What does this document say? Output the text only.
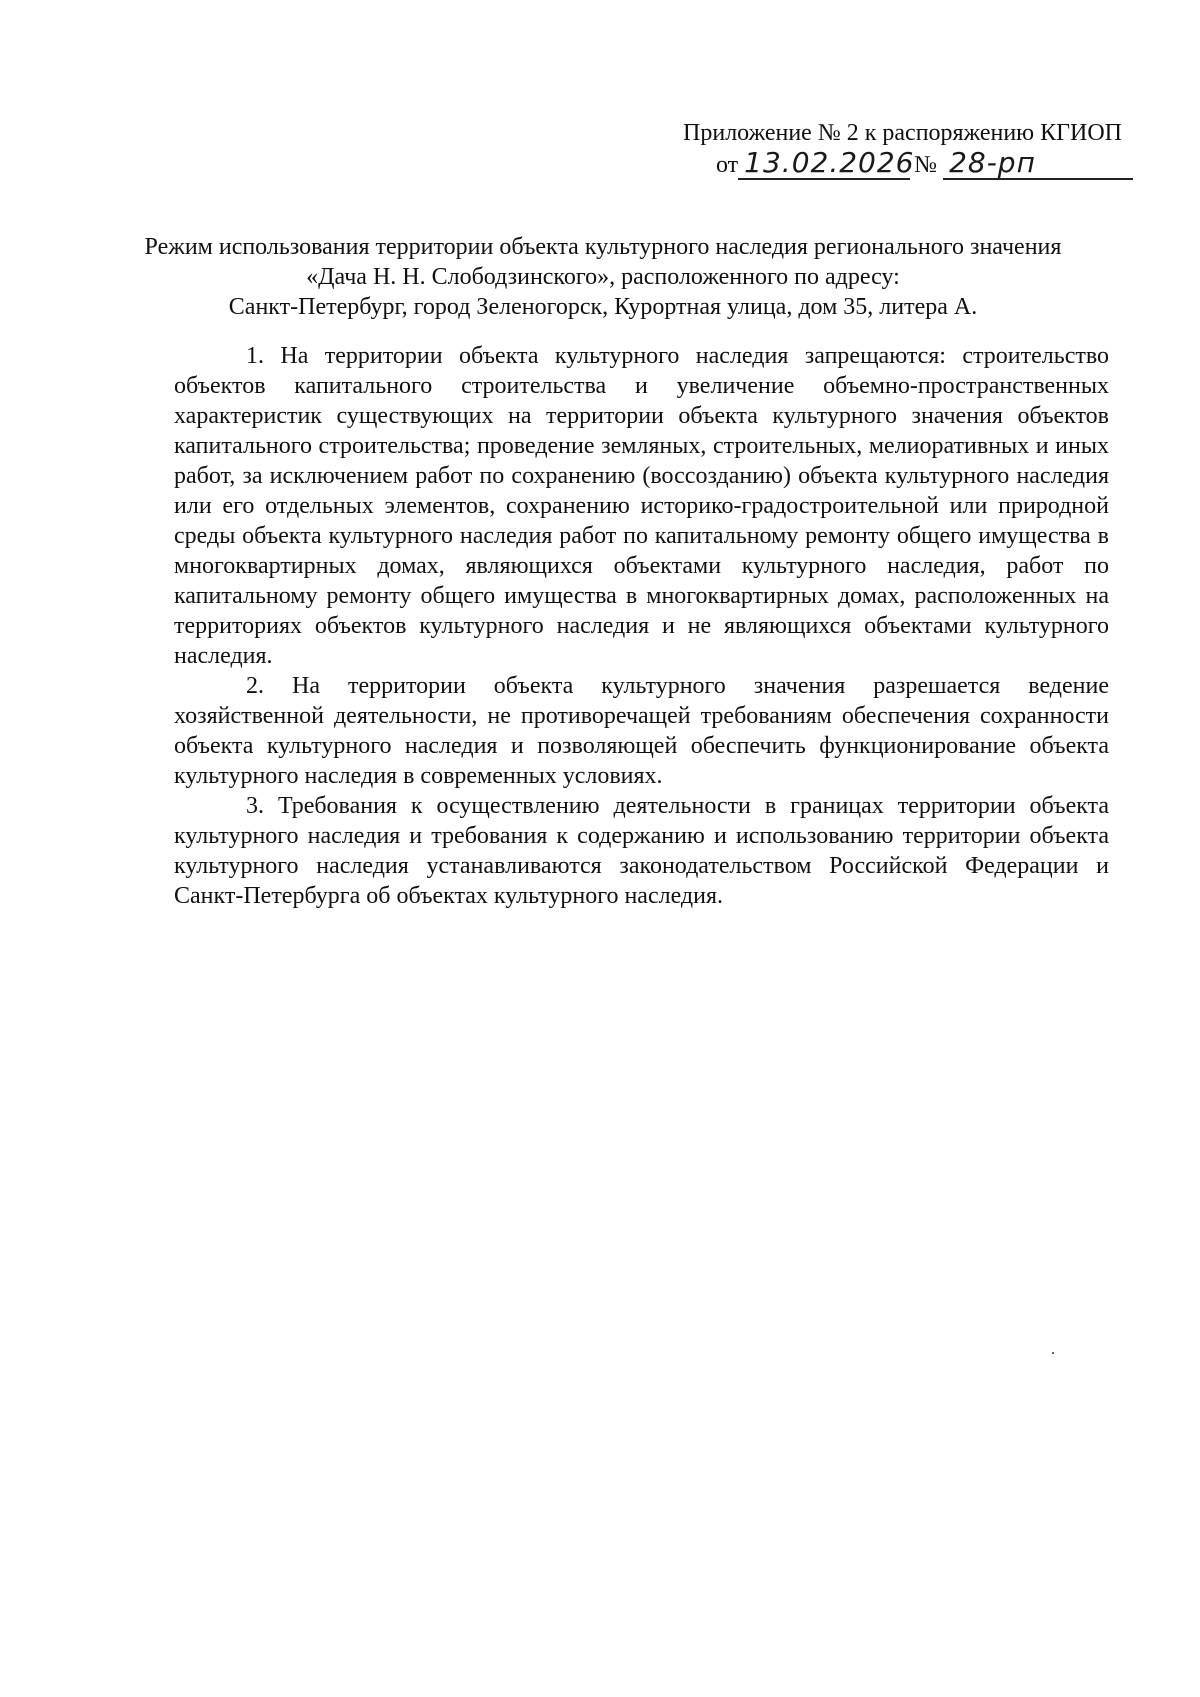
Приложение № 2 к распоряжению КГИОП
от 13.02.2026№ 28-рп
Режим использования территории объекта культурного наследия регионального значения
«Дача Н. Н. Слободзинского», расположенного по адресу:
Санкт-Петербург, город Зеленогорск, Курортная улица, дом 35, литера А.

1. На территории объекта культурного наследия запрещаются: строительство объектов капитального строительства и увеличение объемно-пространственных характеристик существующих на территории объекта культурного значения объектов капитального строительства; проведение земляных, строительных, мелиоративных и иных работ, за исключением работ по сохранению (воссозданию) объекта культурного наследия или его отдельных элементов, сохранению историко-градостроительной или природной среды объекта культурного наследия работ по капитальному ремонту общего имущества в многоквартирных домах, являющихся объектами культурного наследия, работ по капитальному ремонту общего имущества в многоквартирных домах, расположенных на территориях объектов культурного наследия и не являющихся объектами культурного наследия.

2. На территории объекта культурного значения разрешается ведение хозяйственной деятельности, не противоречащей требованиям обеспечения сохранности объекта культурного наследия и позволяющей обеспечить функционирование объекта культурного наследия в современных условиях.

3. Требования к осуществлению деятельности в границах территории объекта культурного наследия и требования к содержанию и использованию территории объекта культурного наследия устанавливаются законодательством Российской Федерации и Санкт-Петербурга об объектах культурного наследия.
